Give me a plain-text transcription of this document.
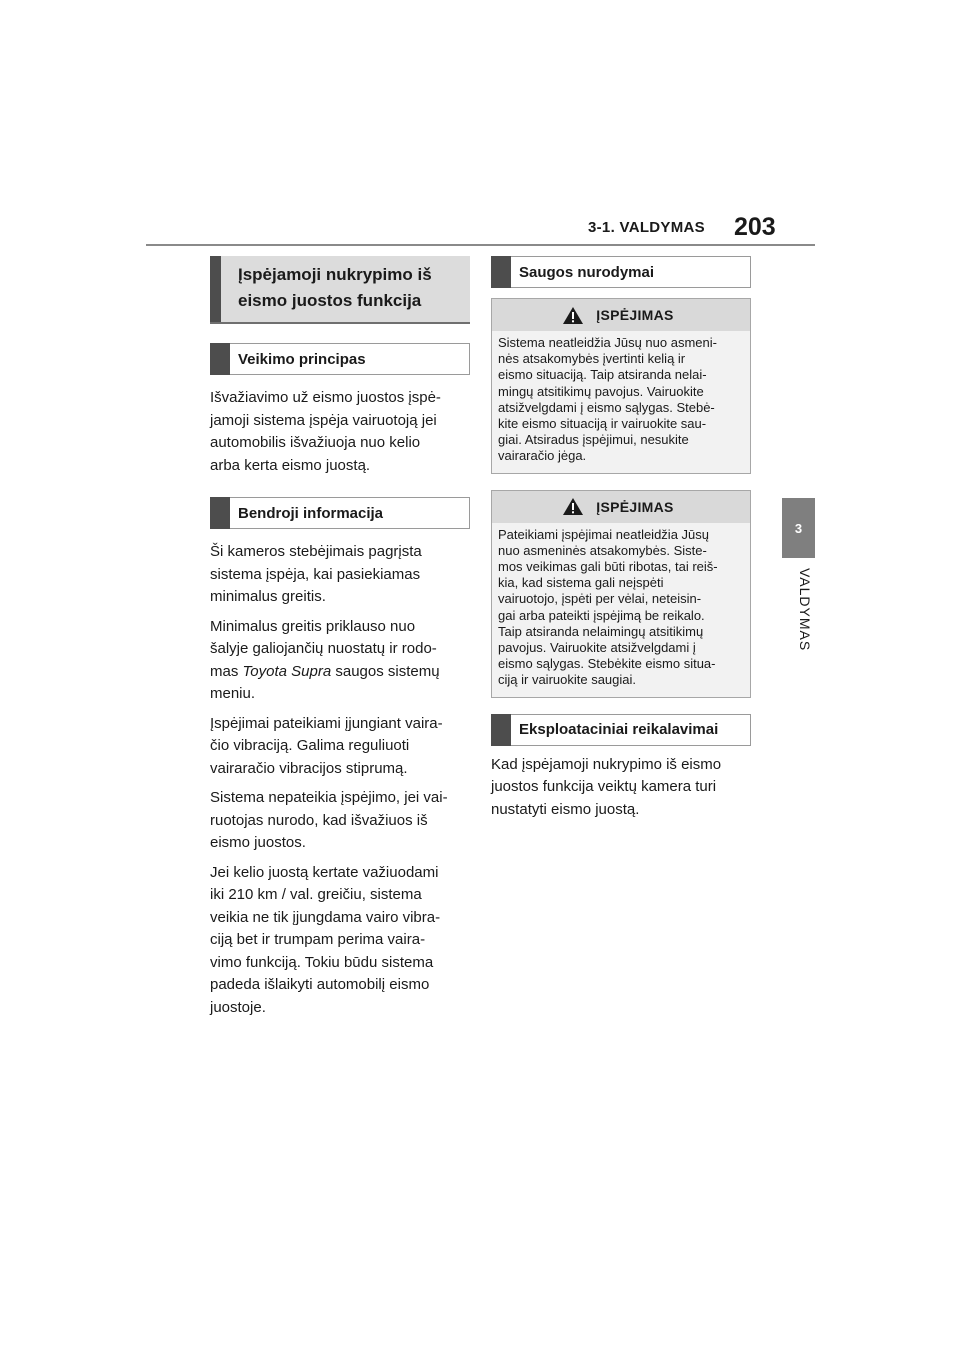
3-1. VALDYMAS 203
3
VALDYMAS
Įspėjamoji nukrypimo iš
eismo juostos funkcija
Veikimo principas

Išvažiavimo už eismo juostos įspė-
jamoji sistema įspėja vairuotoją jei
automobilis išvažiuoja nuo kelio
arba kerta eismo juostą.

Bendroji informacija

Ši kameros stebėjimais pagrįsta
sistema įspėja, kai pasiekiamas
minimalus greitis.

Minimalus greitis priklauso nuo
šalyje galiojančių nuostatų ir rodo-
mas Toyota Supra saugos sistemų
meniu.

Įspėjimai pateikiami įjungiant vaira-
čio vibraciją. Galima reguliuoti
vairaračio vibracijos stiprumą.

Sistema nepateikia įspėjimo, jei vai-
ruotojas nurodo, kad išvažiuos iš
eismo juostos.

Jei kelio juostą kertate važiuodami
iki 210 km / val. greičiu, sistema
veikia ne tik įjungdama vairo vibra-
ciją bet ir trumpam perima vaira-
vimo funkciją. Tokiu būdu sistema
padeda išlaikyti automobilį eismo
juostoje.

Saugos nurodymai
ĮSPĖJIMAS
Sistema neatleidžia Jūsų nuo asmeni-
nės atsakomybės įvertinti kelią ir
eismo situaciją. Taip atsiranda nelai-
mingų atsitikimų pavojus. Vairuokite
atsižvelgdami į eismo sąlygas. Stebė-
kite eismo situaciją ir vairuokite sau-
giai. Atsiradus įspėjimui, nesukite
vairaračio jėga.
ĮSPĖJIMAS
Pateikiami įspėjimai neatleidžia Jūsų
nuo asmeninės atsakomybės. Siste-
mos veikimas gali būti ribotas, tai reiš-
kia, kad sistema gali neįspėti
vairuotojo, įspėti per vėlai, neteisin-
gai arba pateikti įspėjimą be reikalo.
Taip atsiranda nelaimingų atsitikimų
pavojus. Vairuokite atsižvelgdami į
eismo sąlygas. Stebėkite eismo situa-
ciją ir vairuokite saugiai.
Eksploataciniai reikalavimai

Kad įspėjamoji nukrypimo iš eismo
juostos funkcija veiktų kamera turi
nustatyti eismo juostą.
